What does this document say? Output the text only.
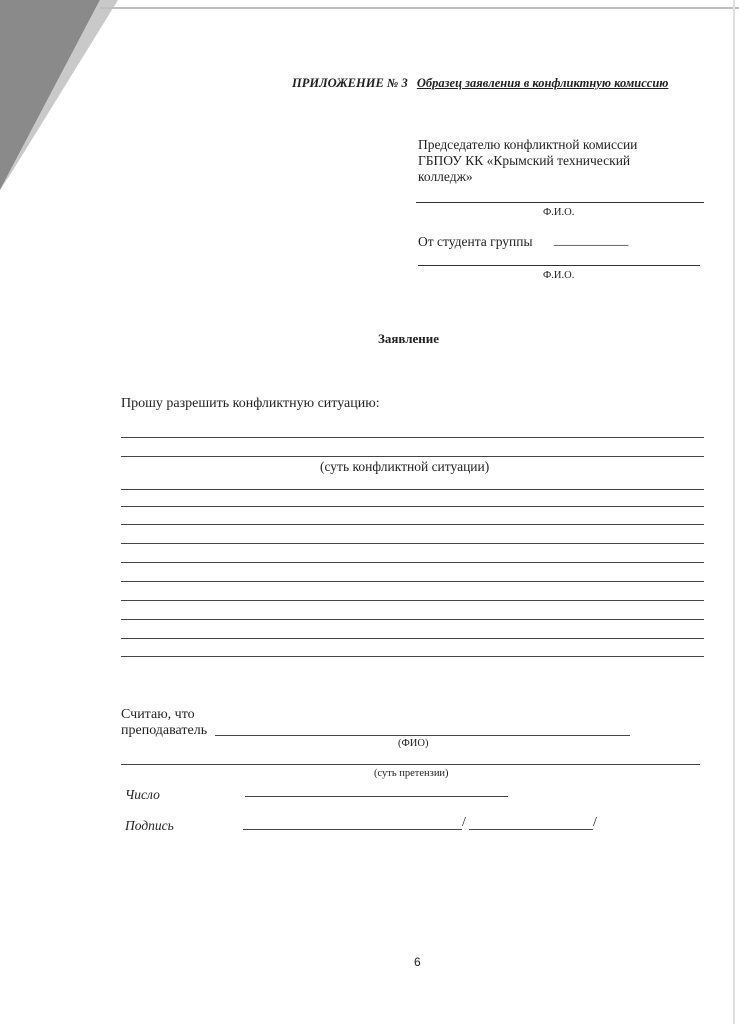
ПРИЛОЖЕНИЕ № 3 Образец заявления в конфликтную комиссию
Председателю конфликтной комиссии
ГБПОУ КК «Крымский технический
колледж»
Ф.И.О.
От студента группы ___________
Ф.И.О.
Заявление
Прошу разрешить конфликтную ситуацию:
(суть конфликтной ситуации)
Считаю, что
преподаватель
(ФИО)
(суть претензии)
Число
Подпись	/	/
6
